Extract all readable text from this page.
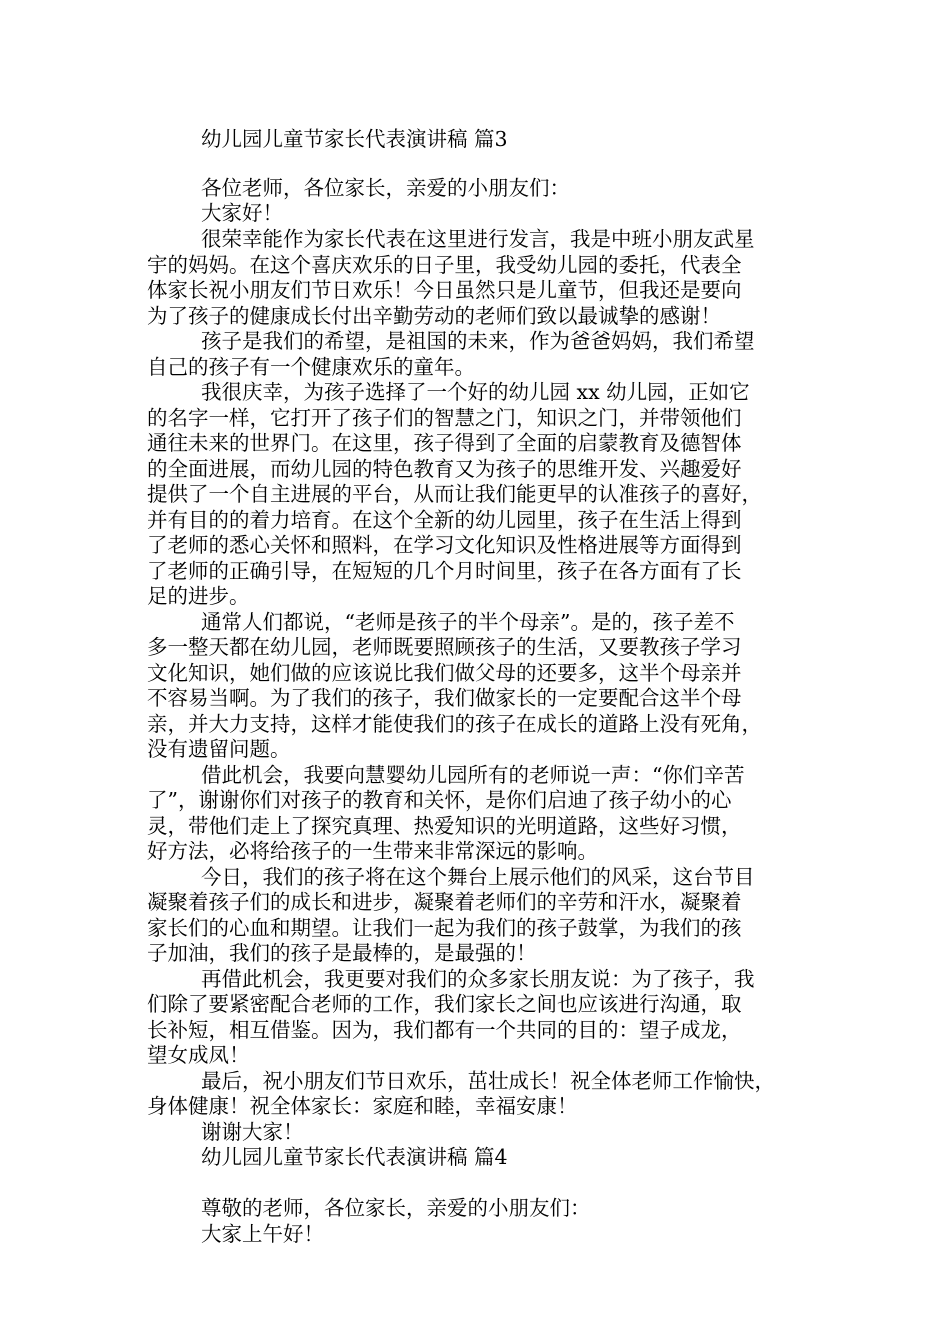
幼儿园儿童节家长代表演讲稿 篇3
各位老师，各位家长，亲爱的小朋友们：
大家好！
很荣幸能作为家长代表在这里进行发言，我是中班小朋友武星
宇的妈妈。在这个喜庆欢乐的日子里，我受幼儿园的委托，代表全
体家长祝小朋友们节日欢乐！今日虽然只是儿童节，但我还是要向
为了孩子的健康成长付出辛勤劳动的老师们致以最诚挚的感谢！
孩子是我们的希望，是祖国的未来，作为爸爸妈妈，我们希望
自己的孩子有一个健康欢乐的童年。
我很庆幸，为孩子选择了一个好的幼儿园 xx 幼儿园，正如它
的名字一样，它打开了孩子们的智慧之门，知识之门，并带领他们
通往未来的世界门。在这里，孩子得到了全面的启蒙教育及德智体
的全面进展，而幼儿园的特色教育又为孩子的思维开发、兴趣爱好
提供了一个自主进展的平台，从而让我们能更早的认准孩子的喜好，
并有目的的着力培育。在这个全新的幼儿园里，孩子在生活上得到
了老师的悉心关怀和照料，在学习文化知识及性格进展等方面得到
了老师的正确引导，在短短的几个月时间里，孩子在各方面有了长
足的进步。
通常人们都说，“老师是孩子的半个母亲”。是的，孩子差不
多一整天都在幼儿园，老师既要照顾孩子的生活，又要教孩子学习
文化知识，她们做的应该说比我们做父母的还要多，这半个母亲并
不容易当啊。为了我们的孩子，我们做家长的一定要配合这半个母
亲，并大力支持，这样才能使我们的孩子在成长的道路上没有死角，
没有遗留问题。
借此机会，我要向慧婴幼儿园所有的老师说一声：“你们辛苦
了”，谢谢你们对孩子的教育和关怀，是你们启迪了孩子幼小的心
灵，带他们走上了探究真理、热爱知识的光明道路，这些好习惯，
好方法，必将给孩子的一生带来非常深远的影响。
今日，我们的孩子将在这个舞台上展示他们的风采，这台节目
凝聚着孩子们的成长和进步，凝聚着老师们的辛劳和汗水，凝聚着
家长们的心血和期望。让我们一起为我们的孩子鼓掌，为我们的孩
子加油，我们的孩子是最棒的，是最强的！
再借此机会，我更要对我们的众多家长朋友说：为了孩子，我
们除了要紧密配合老师的工作，我们家长之间也应该进行沟通，取
长补短，相互借鉴。因为，我们都有一个共同的目的：望子成龙，
望女成凤！
最后，祝小朋友们节日欢乐，茁壮成长！祝全体老师工作愉快，
身体健康！祝全体家长：家庭和睦，幸福安康！
谢谢大家！
幼儿园儿童节家长代表演讲稿 篇4
尊敬的老师，各位家长，亲爱的小朋友们：
大家上午好！
